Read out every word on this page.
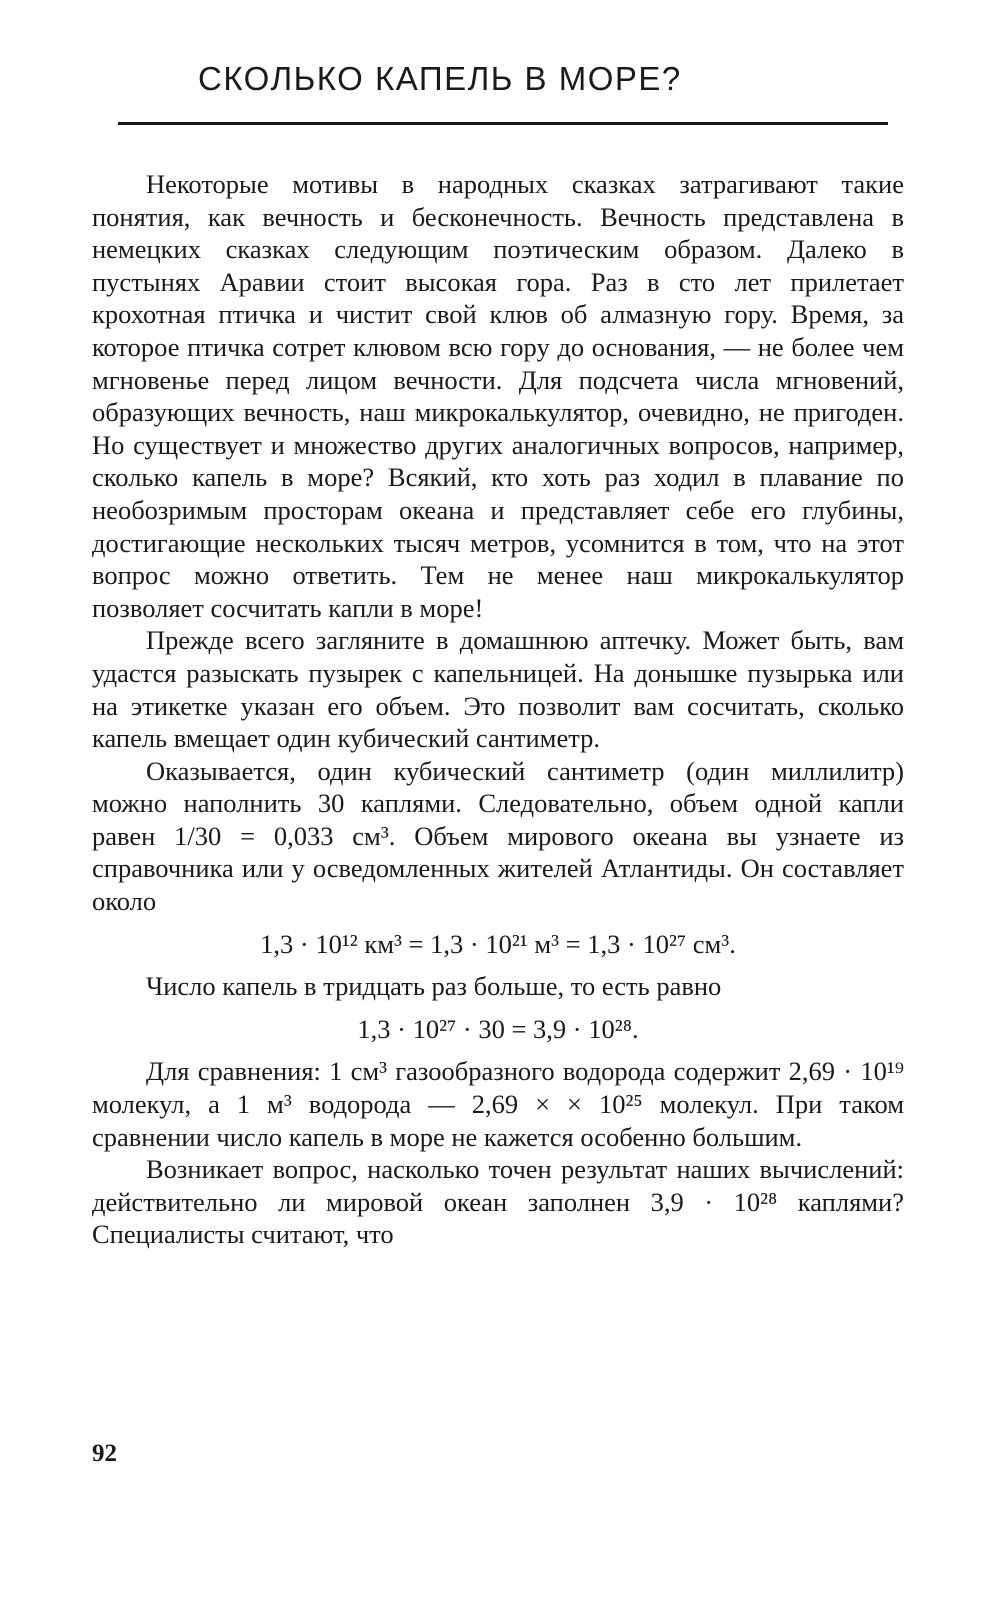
СКОЛЬКО КАПЕЛЬ В МОРЕ?

Некоторые мотивы в народных сказках затрагивают такие понятия, как вечность и бесконечность. Вечность представлена в немецких сказках следующим поэтическим образом. Далеко в пустынях Аравии стоит высокая гора. Раз в сто лет прилетает крохотная птичка и чистит свой клюв об алмазную гору. Время, за которое птичка сотрет клювом всю гору до основания, — не более чем мгновенье перед лицом вечности. Для подсчета числа мгновений, образующих вечность, наш микрокалькулятор, очевидно, не пригоден. Но существует и множество других аналогичных вопросов, например, сколько капель в море? Всякий, кто хоть раз ходил в плавание по необозримым просторам океана и представляет себе его глубины, достигающие нескольких тысяч метров, усомнится в том, что на этот вопрос можно ответить. Тем не менее наш микрокалькулятор позволяет сосчитать капли в море!

Прежде всего загляните в домашнюю аптечку. Может быть, вам удастся разыскать пузырек с капельницей. На донышке пузырька или на этикетке указан его объем. Это позволит вам сосчитать, сколько капель вмещает один кубический сантиметр.

Оказывается, один кубический сантиметр (один миллилитр) можно наполнить 30 каплями. Следовательно, объем одной капли равен 1/30 = 0,033 см³. Объем мирового океана вы узнаете из справочника или у осведомленных жителей Атлантиды. Он составляет около

1,3 · 10¹² км³ = 1,3 · 10²¹ м³ = 1,3 · 10²⁷ см³.

Число капель в тридцать раз больше, то есть равно

1,3 · 10²⁷ · 30 = 3,9 · 10²⁸.

Для сравнения: 1 см³ газообразного водорода содержит 2,69 · 10¹⁹ молекул, а 1 м³ водорода — 2,69 × × 10²⁵ молекул. При таком сравнении число капель в море не кажется особенно большим.

Возникает вопрос, насколько точен результат наших вычислений: действительно ли мировой океан заполнен 3,9 · 10²⁸ каплями? Специалисты считают, что

92
